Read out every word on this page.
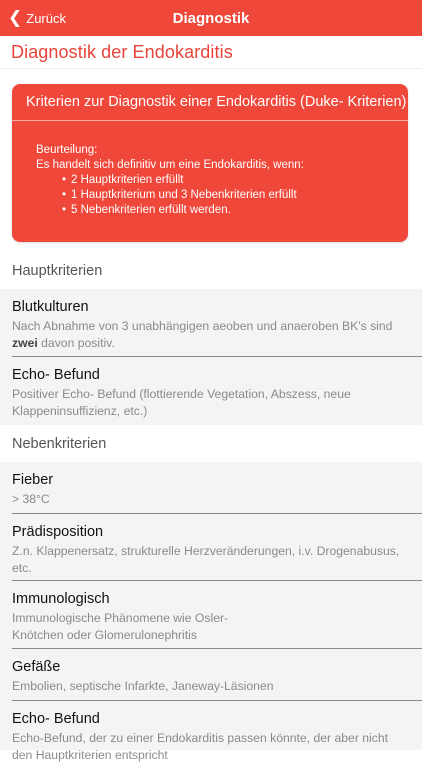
❮ Zurück	Diagnostik
Diagnostik der Endokarditis
Kriterien zur Diagnostik einer Endokarditis (Duke- Kriterien)
Beurteilung:
Es handelt sich definitiv um eine Endokarditis, wenn:
• 2 Hauptkriterien erfüllt
• 1 Hauptkriterium und 3 Nebenkriterien erfüllt
• 5 Nebenkriterien erfüllt werden.
Hauptkriterien
Blutkulturen
Nach Abnahme von 3 unabhängigen aeoben und anaeroben BK's sind zwei davon positiv.
Echo- Befund
Positiver Echo- Befund (flottierende Vegetation, Abszess, neue Klappeninsuffizienz, etc.)
Nebenkriterien
Fieber
> 38°C
Prädisposition
Z.n. Klappenersatz, strukturelle Herzveränderungen, i.v. Drogenabusus, etc.
Immunologisch
Immunologische Phänomene wie Osler-
Knötchen oder Glomerulonephritis
Gefäße
Embolien, septische Infarkte, Janeway-Läsionen
Echo- Befund
Echo-Befund, der zu einer Endokarditis passen könnte, der aber nicht den Hauptkriterien entspricht
